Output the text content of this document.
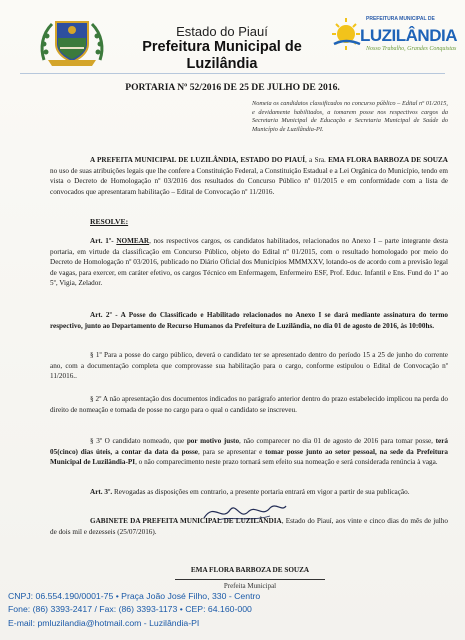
Estado do Piauí
Prefeitura Municipal de Luzilândia
PREFEITURA MUNICIPAL DE
LUZILÂNDIA
Nosso Trabalho, Grandes Conquistas
PORTARIA Nº 52/2016 DE 25 DE JULHO DE 2016.
Nomeia os candidatos classificados no concurso público – Edital nº 01/2015, e devidamente habilitados, a tomarem posse nos respectivos cargos da Secretaria Municipal de Educação e Secretaria Municipal de Saúde do Município de Luzilândia-PI.
A PREFEITA MUNICIPAL DE LUZILÂNDIA, ESTADO DO PIAUÍ, a Sra. EMA FLORA BARBOZA DE SOUZA no uso de suas atribuições legais que lhe confere a Constituição Federal, a Constituição Estadual e a Lei Orgânica do Município, tendo em vista o Decreto de Homologação nº 03/2016 dos resultados do Concurso Público nº 01/2015 e em conformidade com a lista de convocados que apresentaram habilitação – Edital de Convocação nº 11/2016.
RESOLVE:
Art. 1º- NOMEAR, nos respectivos cargos, os candidatos habilitados, relacionados no Anexo I – parte integrante desta portaria, em virtude da classificação em Concurso Público, objeto do Edital nº 01/2015, com o resultado homologado por meio do Decreto de Homologação nº 03/2016, publicado no Diário Oficial dos Municípios MMMXXV, lotando-os de acordo com a previsão legal de vagas, para exercer, em caráter efetivo, os cargos Técnico em Enfermagem, Enfermeiro ESF, Prof. Educ. Infantil e Ens. Fund do 1º ao 5º, Vigia, Zelador.
Art. 2º - A Posse do Classificado e Habilitado relacionados no Anexo I se dará mediante assinatura do termo respectivo, junto ao Departamento de Recurso Humanos da Prefeitura de Luzilândia, no dia 01 de agosto de 2016, às 10:00hs.
§ 1º Para a posse do cargo público, deverá o candidato ter se apresentado dentro do período 15 a 25 de junho do corrente ano, com a documentação completa que comprovasse sua habilitação para o cargo, conforme estipulou o Edital de Convocação nº 11/2016..
§ 2º A não apresentação dos documentos indicados no parágrafo anterior dentro do prazo estabelecido implicou na perda do direito de nomeação e tomada de posse no cargo para o qual o candidato se inscreveu.
§ 3º O candidato nomeado, que por motivo justo, não comparecer no dia 01 de agosto de 2016 para tomar posse, terá 05(cinco) dias úteis, a contar da data da posse, para se apresentar e tomar posse junto ao setor pessoal, na sede da Prefeitura Municipal de Luzilândia-PI, o não comparecimento neste prazo tornará sem efeito sua nomeação e será considerada renúncia à vaga.
Art. 3º. Revogadas as disposições em contrario, a presente portaria entrará em vigor a partir de sua publicação.
GABINETE DA PREFEITA MUNICIPAL DE LUZILÂNDIA, Estado do Piauí, aos vinte e cinco dias do mês de julho de dois mil e dezesseis (25/07/2016).
EMA FLORA BARBOZA DE SOUZA
Prefeita Municipal
CNPJ: 06.554.190/0001-75 • Praça João José Filho, 330 - Centro
Fone: (86) 3393-2417 / Fax: (86) 3393-1173 • CEP: 64.160-000
E-mail: pmluzilandia@hotmail.com - Luzilândia-PI
